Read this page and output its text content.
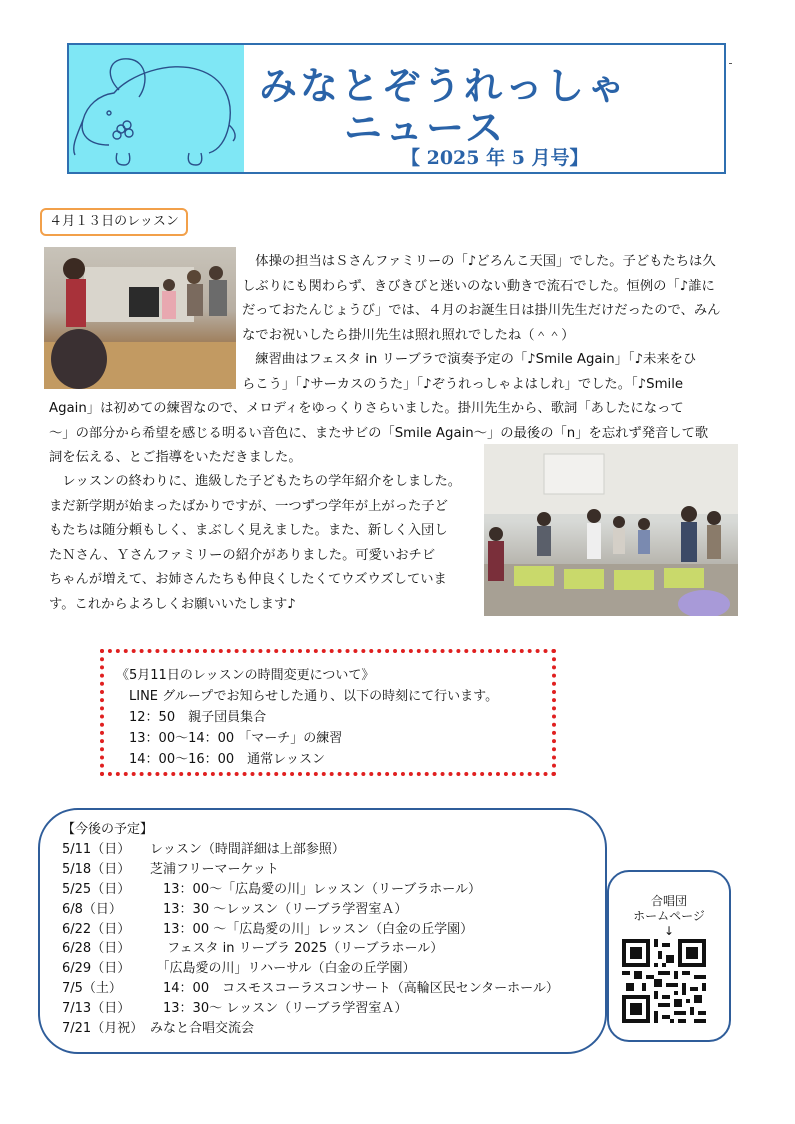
みなとぞうれっしゃ
ニュース
【 2025 年 5 月号】
４月１３日のレッスン

　体操の担当はＳさんファミリーの「♪どろんこ天国」でした。子どもたちは久

しぶりにも関わらず、きびきびと迷いのない動きで流石でした。恒例の「♪誰に

だっておたんじょうび」では、４月のお誕生日は掛川先生だけだったので、みん

なでお祝いしたら掛川先生は照れ照れでしたね（＾＾）

　練習曲はフェスタ in リーブラで演奏予定の「♪Smile Again」「♪未来をひ

らこう」「♪サーカスのうた」「♪ぞうれっしゃよはしれ」でした。「♪Smile

Again」は初めての練習なので、メロディをゆっくりさらいました。掛川先生から、歌詞「あしたになって

～」の部分から希望を感じる明るい音色に、またサビの「Smile Again～」の最後の「n」を忘れず発音して歌

詞を伝える、とご指導をいただきました。

　レッスンの終わりに、進級した子どもたちの学年紹介をしました。

まだ新学期が始まったばかりですが、一つずつ学年が上がった子ど

もたちは随分頼もしく、まぶしく見えました。また、新しく入団し

たＮさん、Ｙさんファミリーの紹介がありました。可愛いおチビ

ちゃんが増えて、お姉さんたちも仲良くしたくてウズウズしていま

す。これからよろしくお願いいたします♪

《5月11日のレッスンの時間変更について》
　LINE グループでお知らせした通り、以下の時刻にて行います。
　12：50　親子団員集合
　13：00～14：00 「マーチ」の練習
　14：00～16：00　通常レッスン
【今後の予定】
5/11（日） レッスン（時間詳細は上部参照）
5/18（日） 芝浦フリーマーケット
5/25（日）　13：00～「広島愛の川」レッスン（リーブラホール）
6/8（日）　13：30 ～レッスン（リーブラ学習室Ａ）
6/22（日）　13：00 ～「広島愛の川」レッスン（白金の丘学園）
6/28（日）　 フェスタ in リーブラ 2025（リーブラホール）
6/29（日）　「広島愛の川」リハーサル（白金の丘学園）
7/5（土）　14：00　コスモスコーラスコンサート（高輪区民センターホール）
7/13（日）　13：30～ レッスン（リーブラ学習室Ａ）
7/21（月祝） みなと合唱交流会
合唱団
ホームページ
↓
